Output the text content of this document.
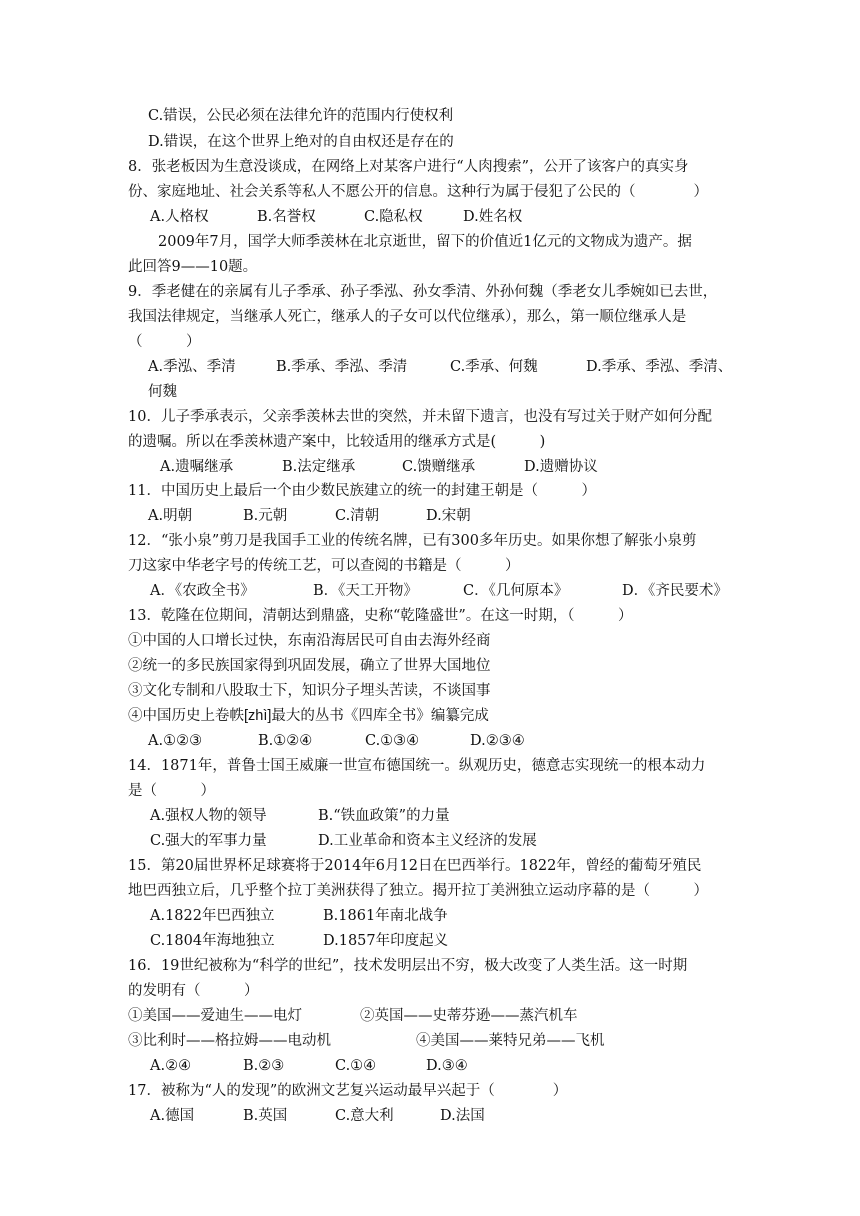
C.错误，公民必须在法律允许的范围内行使权利
D.错误，在这个世界上绝对的自由权还是存在的
8．张老板因为生意没谈成，在网络上对某客户进行“人肉搜索”，公开了该客户的真实身
份、家庭地址、社会关系等私人不愿公开的信息。这种行为属于侵犯了公民的（　　　　）
A.人格权	B.名誉权	C.隐私权	D.姓名权
2009年7月，国学大师季羡林在北京逝世，留下的价值近1亿元的文物成为遗产。据
此回答9——10题。
9．季老健在的亲属有儿子季承、孙子季泓、孙女季清、外孙何魏（季老女儿季婉如已去世，
我国法律规定，当继承人死亡，继承人的子女可以代位继承），那么，第一顺位继承人是
（　　　）
A.季泓、季清	B.季承、季泓、季清	C.季承、何魏	D.季承、季泓、季清、
何魏
10．儿子季承表示，父亲季羡林去世的突然，并未留下遗言，也没有写过关于财产如何分配
的遗嘱。所以在季羡林遗产案中，比较适用的继承方式是(　　　)
A.遗嘱继承	B.法定继承	C.馈赠继承	D.遗赠协议
11．中国历史上最后一个由少数民族建立的统一的封建王朝是（　　　）
A.明朝	B.元朝	C.清朝	D.宋朝
12．“张小泉”剪刀是我国手工业的传统名牌，已有300多年历史。如果你想了解张小泉剪
刀这家中华老字号的传统工艺，可以查阅的书籍是（　　　）
A．《农政全书》	B．《天工开物》	C．《几何原本》	D．《齐民要术》
13．乾隆在位期间，清朝达到鼎盛，史称“乾隆盛世”。在这一时期，（　　　）
①中国的人口增长过快，东南沿海居民可自由去海外经商
②统一的多民族国家得到巩固发展，确立了世界大国地位
③文化专制和八股取士下，知识分子埋头苦读，不谈国事
④中国历史上卷帙[zhì]最大的丛书《四库全书》编纂完成
A.①②③	B.①②④	C.①③④	D.②③④
14．1871年，普鲁士国王威廉一世宣布德国统一。纵观历史，德意志实现统一的根本动力
是（　　　）
A.强权人物的领导	B.“铁血政策”的力量
C.强大的军事力量	D.工业革命和资本主义经济的发展
15．第20届世界杯足球赛将于2014年6月12日在巴西举行。1822年，曾经的葡萄牙殖民
地巴西独立后，几乎整个拉丁美洲获得了独立。揭开拉丁美洲独立运动序幕的是（　　　）
A.1822年巴西独立	B.1861年南北战争
C.1804年海地独立	D.1857年印度起义
16．19世纪被称为“科学的世纪”，技术发明层出不穷，极大改变了人类生活。这一时期
的发明有（　　　）
①美国——爱迪生——电灯	②英国——史蒂芬逊——蒸汽机车
③比利时——格拉姆——电动机	④美国——莱特兄弟——飞机
A.②④	B.②③	C.①④	D.③④
17．被称为“人的发现”的欧洲文艺复兴运动最早兴起于（　　　　）
A.德国	B.英国	C.意大利	D.法国
